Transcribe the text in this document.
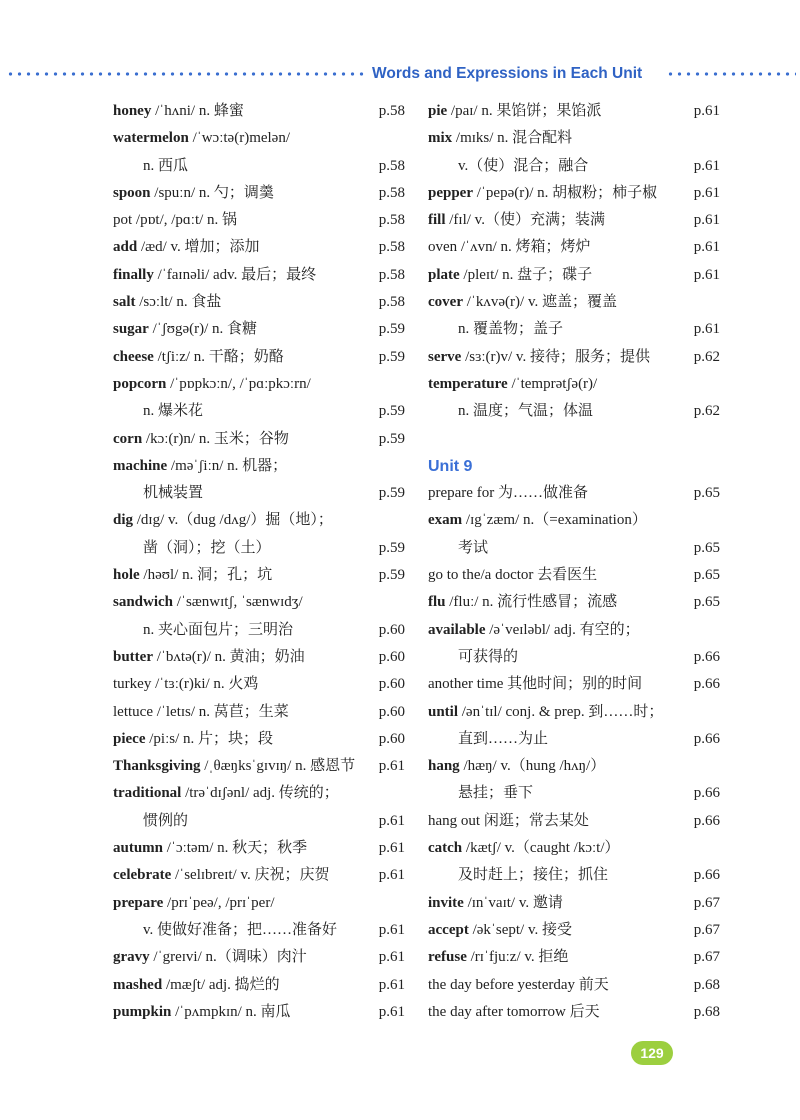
Words and Expressions in Each Unit
honey /ˈhʌni/ n. 蜂蜜	p.58
watermelon /ˈwɔːtə(r)melən/
n. 西瓜	p.58
spoon /spuːn/ n. 勺；调羹	p.58
pot /pɒt/, /pɑːt/ n. 锅	p.58
add /æd/ v. 增加；添加	p.58
finally /ˈfaɪnəli/ adv. 最后；最终	p.58
salt /sɔːlt/ n. 食盐	p.58
sugar /ˈʃʊgə(r)/ n. 食糖	p.59
cheese /tʃiːz/ n. 干酪；奶酪	p.59
popcorn /ˈpɒpkɔːn/, /ˈpɑːpkɔːrn/
n. 爆米花	p.59
corn /kɔː(r)n/ n. 玉米；谷物	p.59
machine /məˈʃiːn/ n. 机器；
机械装置	p.59
dig /dɪg/ v.（dug /dʌg/）掘（地）；
凿（洞）；挖（土）	p.59
hole /həʊl/ n. 洞；孔；坑	p.59
sandwich /ˈsænwɪtʃ, ˈsænwɪdʒ/
n. 夹心面包片；三明治	p.60
butter /ˈbʌtə(r)/ n. 黄油；奶油	p.60
turkey /ˈtɜː(r)ki/ n. 火鸡	p.60
lettuce /ˈletɪs/ n. 莴苣；生菜	p.60
piece /piːs/ n. 片；块；段	p.60
Thanksgiving /ˌθæŋksˈgɪvɪŋ/ n. 感恩节 p.61
traditional /trəˈdɪʃənl/ adj. 传统的；
惯例的	p.61
autumn /ˈɔːtəm/ n. 秋天；秋季	p.61
celebrate /ˈselɪbreɪt/ v. 庆祝；庆贺	p.61
prepare /prɪˈpeə/, /prɪˈper/
v. 使做好准备；把……准备好	p.61
gravy /ˈgreɪvi/ n.（调味）肉汁	p.61
mashed /mæʃt/ adj. 捣烂的	p.61
pumpkin /ˈpʌmpkɪn/ n. 南瓜	p.61
pie /paɪ/ n. 果馅饼；果馅派	p.61
mix /mɪks/ n. 混合配料
v.（使）混合；融合	p.61
pepper /ˈpepə(r)/ n. 胡椒粉；柿子椒 p.61
fill /fɪl/ v.（使）充满；装满	p.61
oven /ˈʌvn/ n. 烤箱；烤炉	p.61
plate /pleɪt/ n. 盘子；碟子	p.61
cover /ˈkʌvə(r)/ v. 遮盖；覆盖
n. 覆盖物；盖子	p.61
serve /sɜː(r)v/ v. 接待；服务；提供	p.62
temperature /ˈtemprətʃə(r)/
n. 温度；气温；体温	p.62
Unit 9
prepare for 为……做准备	p.65
exam /ɪgˈzæm/ n.（=examination）
考试	p.65
go to the/a doctor 去看医生	p.65
flu /fluː/ n. 流行性感冒；流感	p.65
available /əˈveɪləbl/ adj. 有空的；
可获得的	p.66
another time 其他时间；别的时间	p.66
until /ənˈtɪl/ conj. & prep. 到……时；
直到……为止	p.66
hang /hæŋ/ v.（hung /hʌŋ/）
悬挂；垂下	p.66
hang out 闲逛；常去某处	p.66
catch /kætʃ/ v.（caught /kɔːt/）
及时赶上；接住；抓住	p.66
invite /ɪnˈvaɪt/ v. 邀请	p.67
accept /əkˈsept/ v. 接受	p.67
refuse /rɪˈfjuːz/ v. 拒绝	p.67
the day before yesterday 前天	p.68
the day after tomorrow 后天	p.68
129
